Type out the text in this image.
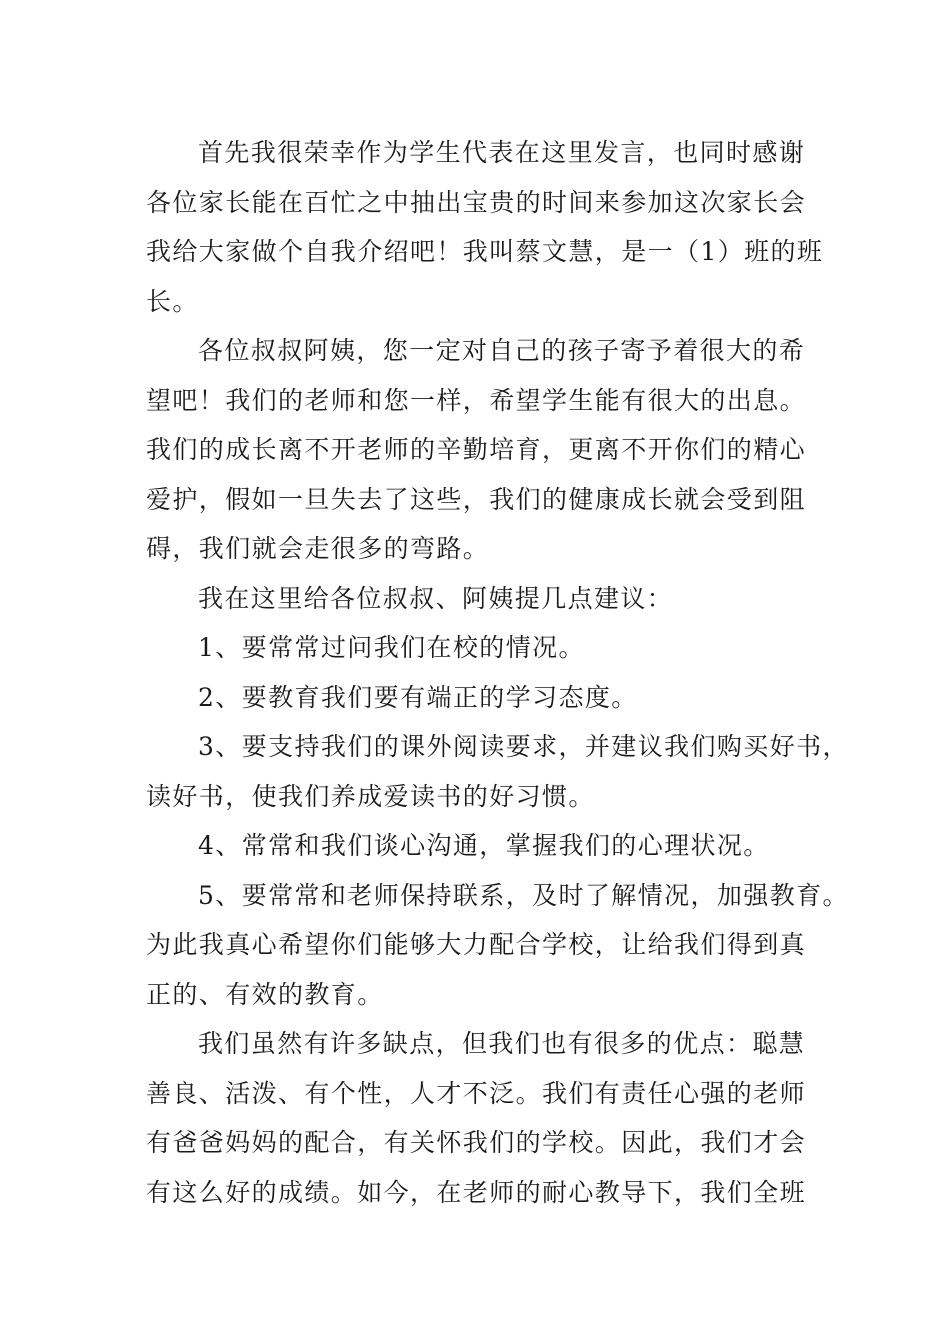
首先我很荣幸作为学生代表在这里发言，也同时感谢
各位家长能在百忙之中抽出宝贵的时间来参加这次家长会
我给大家做个自我介绍吧！我叫蔡文慧，是一（1）班的班
长。
各位叔叔阿姨，您一定对自己的孩子寄予着很大的希
望吧！我们的老师和您一样，希望学生能有很大的出息。
我们的成长离不开老师的辛勤培育，更离不开你们的精心
爱护，假如一旦失去了这些，我们的健康成长就会受到阻
碍，我们就会走很多的弯路。
我在这里给各位叔叔、阿姨提几点建议：
1、要常常过问我们在校的情况。
2、要教育我们要有端正的学习态度。
3、要支持我们的课外阅读要求，并建议我们购买好书，
读好书，使我们养成爱读书的好习惯。
4、常常和我们谈心沟通，掌握我们的心理状况。
5、要常常和老师保持联系，及时了解情况，加强教育。
为此我真心希望你们能够大力配合学校，让给我们得到真
正的、有效的教育。
我们虽然有许多缺点，但我们也有很多的优点：聪慧
善良、活泼、有个性，人才不泛。我们有责任心强的老师
有爸爸妈妈的配合，有关怀我们的学校。因此，我们才会
有这么好的成绩。如今，在老师的耐心教导下，我们全班
